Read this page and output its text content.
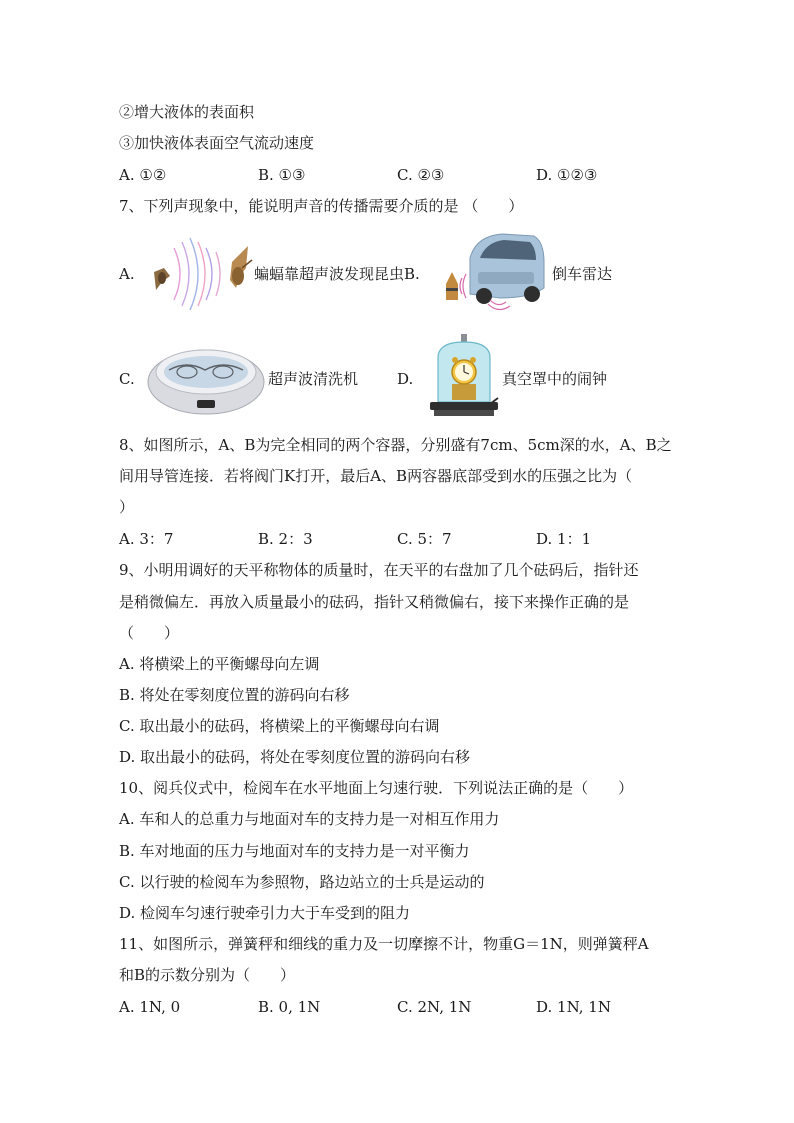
②增大液体的表面积
③加快液体表面空气流动速度
A. ①②	B. ①③	C. ②③	D. ①②③
7、下列声现象中，能说明声音的传播需要介质的是 （　　）
A.	蝙蝠靠超声波发现昆虫B.	倒车雷达
C.	超声波清洗机	D.	真空罩中的闹钟
8、如图所示，A、B为完全相同的两个容器，分别盛有7cm、5cm深的水，A、B之
间用导管连接．若将阀门K打开，最后A、B两容器底部受到水的压强之比为（
）
A. 3：7	B. 2：3	C. 5：7	D. 1：1
9、小明用调好的天平称物体的质量时，在天平的右盘加了几个砝码后，指针还
是稍微偏左．再放入质量最小的砝码，指针又稍微偏右，接下来操作正确的是
（　　）
A. 将横梁上的平衡螺母向左调
B. 将处在零刻度位置的游码向右移
C. 取出最小的砝码，将横梁上的平衡螺母向右调
D. 取出最小的砝码，将处在零刻度位置的游码向右移
10、阅兵仪式中，检阅车在水平地面上匀速行驶．下列说法正确的是（　　）
A. 车和人的总重力与地面对车的支持力是一对相互作用力
B. 车对地面的压力与地面对车的支持力是一对平衡力
C. 以行驶的检阅车为参照物，路边站立的士兵是运动的
D. 检阅车匀速行驶牵引力大于车受到的阻力
11、如图所示，弹簧秤和细线的重力及一切摩擦不计，物重G＝1N，则弹簧秤A
和B的示数分别为（　　）
A. 1N, 0	B. 0, 1N	C. 2N, 1N	D. 1N, 1N
